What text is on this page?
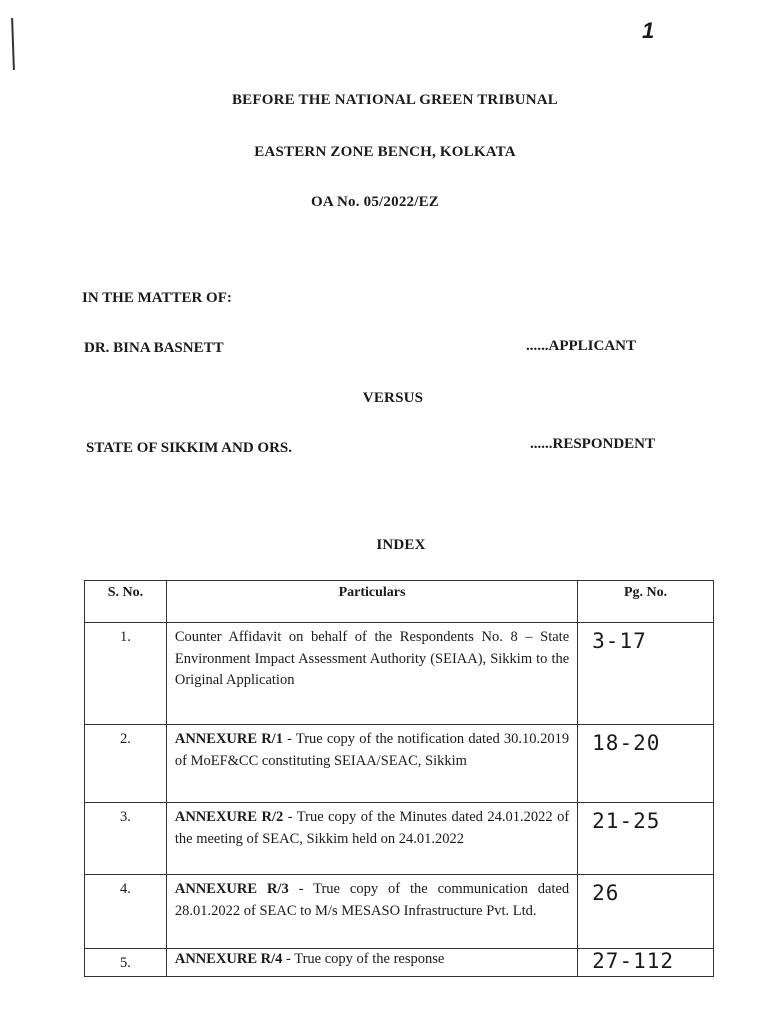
1
BEFORE THE NATIONAL GREEN TRIBUNAL
EASTERN ZONE BENCH, KOLKATA
OA No. 05/2022/EZ
IN THE MATTER OF:
DR. BINA BASNETT	......APPLICANT
VERSUS
STATE OF SIKKIM AND ORS.	......RESPONDENT
INDEX
S. No.	Particulars	Pg. No.
1.	Counter Affidavit on behalf of the Respondents No. 8 – State Environment Impact Assessment Authority (SEIAA), Sikkim to the Original Application	3-17
2.	ANNEXURE R/1 - True copy of the notification dated 30.10.2019 of MoEF&CC constituting SEIAA/SEAC, Sikkim	18-20
3.	ANNEXURE R/2 - True copy of the Minutes dated 24.01.2022 of the meeting of SEAC, Sikkim held on 24.01.2022	21-25
4.	ANNEXURE R/3 - True copy of the communication dated 28.01.2022 of SEAC to M/s MESASO Infrastructure Pvt. Ltd.	26
5.	ANNEXURE R/4 - True copy of the response	27-112
